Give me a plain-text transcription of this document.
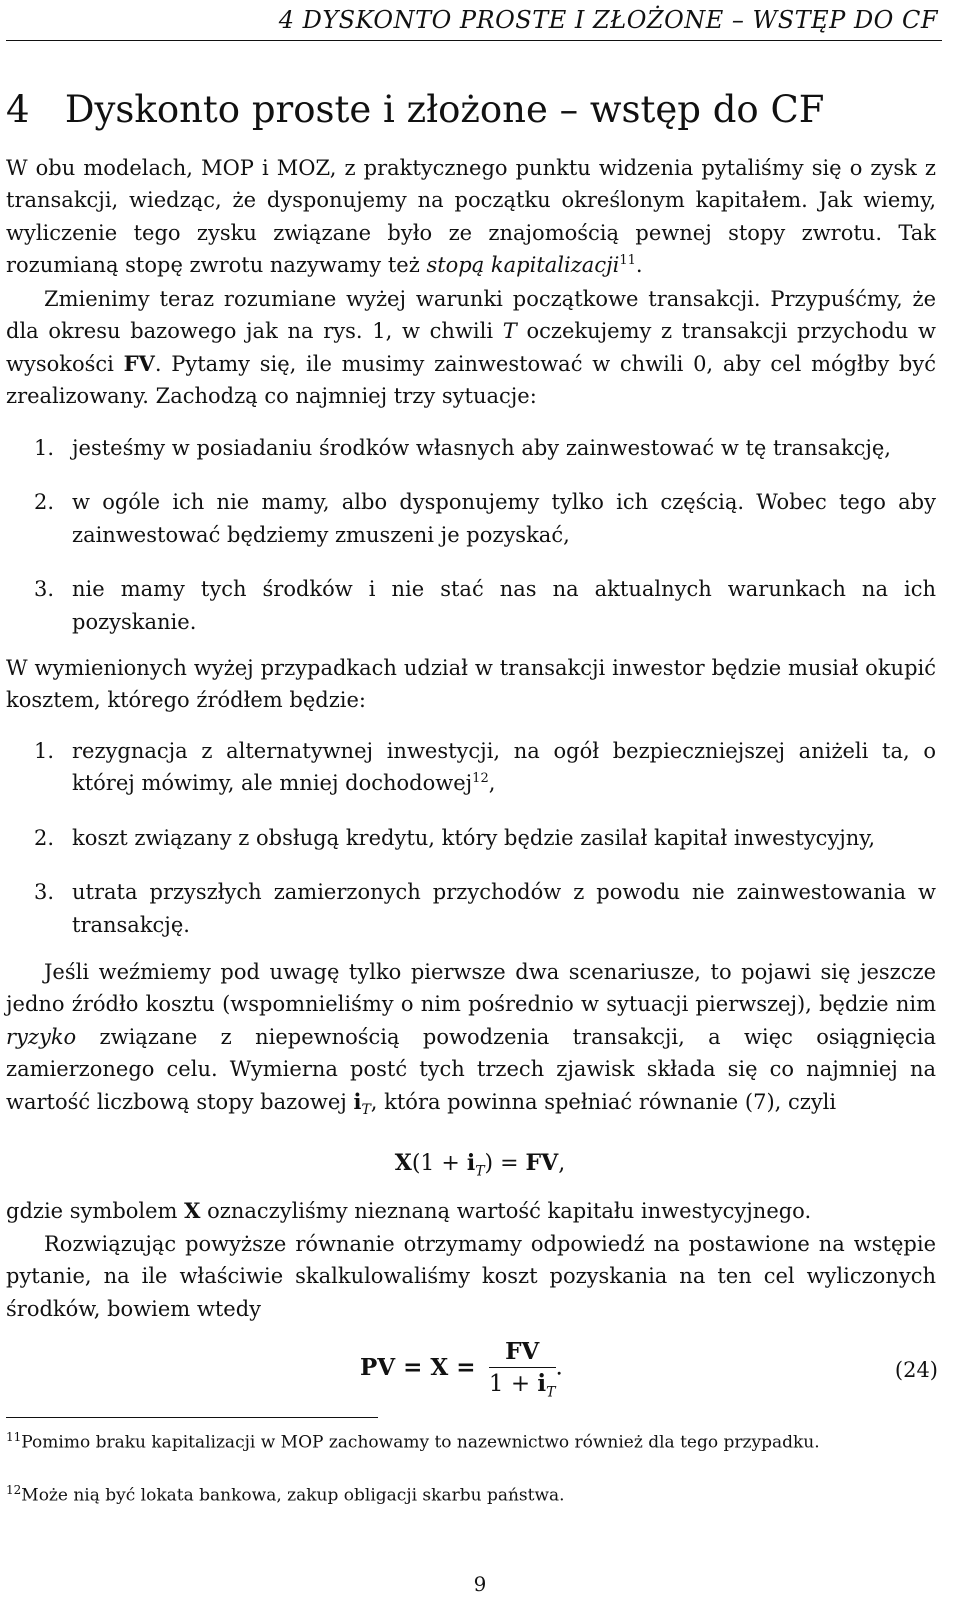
4 DYSKONTO PROSTE I ZŁOŻONE – WSTĘP DO CF
4 Dyskonto proste i złożone – wstęp do CF

W obu modelach, MOP i MOZ, z praktycznego punktu widzenia pytaliśmy się o zysk z transakcji, wiedząc, że dysponujemy na początku określonym kapitałem. Jak wiemy, wyliczenie tego zysku związane było ze znajomością pewnej stopy zwrotu. Tak rozumianą stopę zwrotu nazywamy też stopą kapitalizacji$^{11}$.

Zmienimy teraz rozumiane wyżej warunki początkowe transakcji. Przypuśćmy, że dla okresu bazowego jak na rys. 1, w chwili T oczekujemy z transakcji przychodu w wysokości FV. Pytamy się, ile musimy zainwestować w chwili 0, aby cel mógłby być zrealizowany. Zachodzą co najmniej trzy sytuacje:

1. jesteśmy w posiadaniu środków własnych aby zainwestować w tę transakcję,
2. w ogóle ich nie mamy, albo dysponujemy tylko ich częścią. Wobec tego aby zainwestować będziemy zmuszeni je pozyskać,
3. nie mamy tych środków i nie stać nas na aktualnych warunkach na ich pozyskanie.

W wymienionych wyżej przypadkach udział w transakcji inwestor będzie musiał okupić kosztem, którego źródłem będzie:

1. rezygnacja z alternatywnej inwestycji, na ogół bezpieczniejszej aniżeli ta, o której mówimy, ale mniej dochodowej$^{12}$,
2. koszt związany z obsługą kredytu, który będzie zasilał kapitał inwestycyjny,
3. utrata przyszłych zamierzonych przychodów z powodu nie zainwestowania w transakcję.

Jeśli weźmiemy pod uwagę tylko pierwsze dwa scenariusze, to pojawi się jeszcze jedno źródło kosztu (wspomnieliśmy o nim pośrednio w sytuacji pierwszej), będzie nim ryzyko związane z niepewnością powodzenia transakcji, a więc osiągnięcia zamierzonego celu. Wymierna postć tych trzech zjawisk składa się co najmniej na wartość liczbową stopy bazowej $i_T$, która powinna spełniać równanie (7), czyli

$X(1 + i_T)$ = FV,

gdzie symbolem X oznaczyliśmy nieznaną wartość kapitału inwestycyjnego.

Rozwiązując powyższe równanie otrzymamy odpowiedź na postawione na wstępie pytanie, na ile właściwie skalkulowaliśmy koszt pozyskania na ten cel wyliczonych środków, bowiem wtedy

PV = $X = \frac{FV}{1 + i_T}$ .	(24)

$^{11}$Pomimo braku kapitalizacji w MOP zachowamy to nazewnictwo również dla tego przypadku.

$^{12}$Może nią być lokata bankowa, zakup obligacji skarbu państwa.

9
